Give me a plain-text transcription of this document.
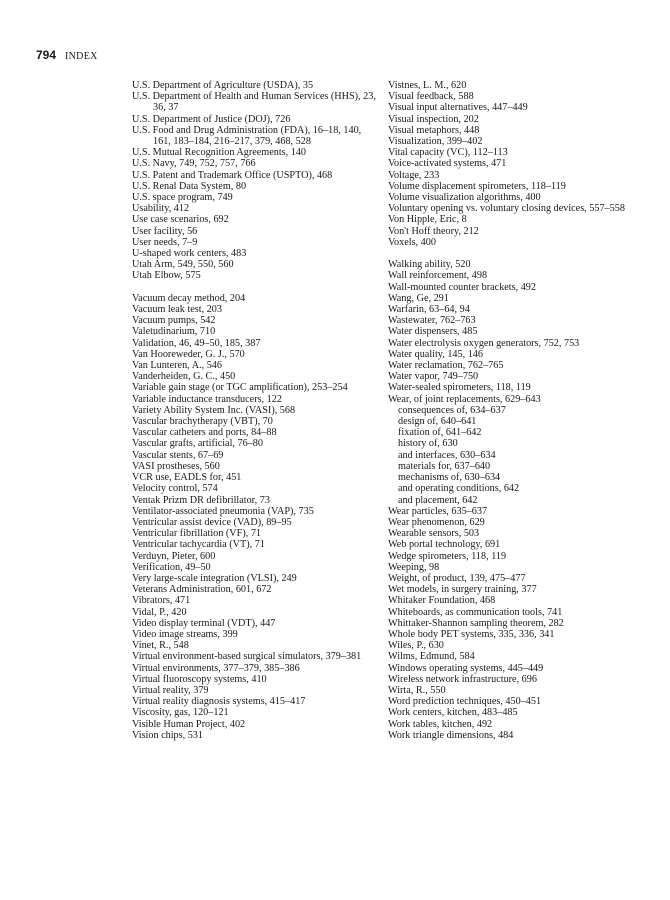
794 INDEX
U.S. Department of Agriculture (USDA), 35
U.S. Department of Health and Human Services (HHS), 23, 36, 37
U.S. Department of Justice (DOJ), 726
U.S. Food and Drug Administration (FDA), 16–18, 140, 161, 183–184, 216–217, 379, 468, 528
U.S. Mutual Recognition Agreements, 140
U.S. Navy, 749, 752, 757, 766
U.S. Patent and Trademark Office (USPTO), 468
U.S. Renal Data System, 80
U.S. space program, 749
Usability, 412
Use case scenarios, 692
User facility, 56
User needs, 7–9
U-shaped work centers, 483
Utah Arm, 549, 550, 560
Utah Elbow, 575
Vacuum decay method, 204
Vacuum leak test, 203
Vacuum pumps, 542
Valetudinarium, 710
Validation, 46, 49–50, 185, 387
Van Hooreweder, G. J., 570
Van Lunteren, A., 546
Vanderheiden, G. C., 450
Variable gain stage (or TGC amplification), 253–254
Variable inductance transducers, 122
Variety Ability System Inc. (VASI), 568
Vascular brachytherapy (VBT), 70
Vascular catheters and ports, 84–88
Vascular grafts, artificial, 76–80
Vascular stents, 67–69
VASI prostheses, 560
VCR use, EADLS for, 451
Velocity control, 574
Ventak Prizm DR defibrillator, 73
Ventilator-associated pneumonia (VAP), 735
Ventricular assist device (VAD), 89–95
Ventricular fibrillation (VF), 71
Ventricular tachycardia (VT), 71
Verduyn, Pieter, 600
Verification, 49–50
Very large-scale integration (VLSI), 249
Veterans Administration, 601, 672
Vibrators, 471
Vidal, P., 420
Video display terminal (VDT), 447
Video image streams, 399
Vinet, R., 548
Virtual environment-based surgical simulators, 379–381
Virtual environments, 377–379, 385–386
Virtual fluoroscopy systems, 410
Virtual reality, 379
Virtual reality diagnosis systems, 415–417
Viscosity, gas, 120–121
Visible Human Project, 402
Vision chips, 531
Vistnes, L. M., 620
Visual feedback, 588
Visual input alternatives, 447–449
Visual inspection, 202
Visual metaphors, 448
Visualization, 399–402
Vital capacity (VC), 112–113
Voice-activated systems, 471
Voltage, 233
Volume displacement spirometers, 118–119
Volume visualization algorithms, 400
Voluntary opening vs. voluntary closing devices, 557–558
Von Hipple, Eric, 8
Von't Hoff theory, 212
Voxels, 400
Walking ability, 520
Wall reinforcement, 498
Wall-mounted counter brackets, 492
Wang, Ge, 291
Warfarin, 63–64, 94
Wastewater, 762–763
Water dispensers, 485
Water electrolysis oxygen generators, 752, 753
Water quality, 145, 146
Water reclamation, 762–765
Water vapor, 749–750
Water-sealed spirometers, 118, 119
Wear, of joint replacements, 629–643
consequences of, 634–637
design of, 640–641
fixation of, 641–642
history of, 630
and interfaces, 630–634
materials for, 637–640
mechanisms of, 630–634
and operating conditions, 642
and placement, 642
Wear particles, 635–637
Wear phenomenon, 629
Wearable sensors, 503
Web portal technology, 691
Wedge spirometers, 118, 119
Weeping, 98
Weight, of product, 139, 475–477
Wet models, in surgery training, 377
Whitaker Foundation, 468
Whiteboards, as communication tools, 741
Whittaker-Shannon sampling theorem, 282
Whole body PET systems, 335, 336, 341
Wiles, P., 630
Wilms, Edmund, 584
Windows operating systems, 445–449
Wireless network infrastructure, 696
Wirta, R., 550
Word prediction techniques, 450–451
Work centers, kitchen, 483–485
Work tables, kitchen, 492
Work triangle dimensions, 484
